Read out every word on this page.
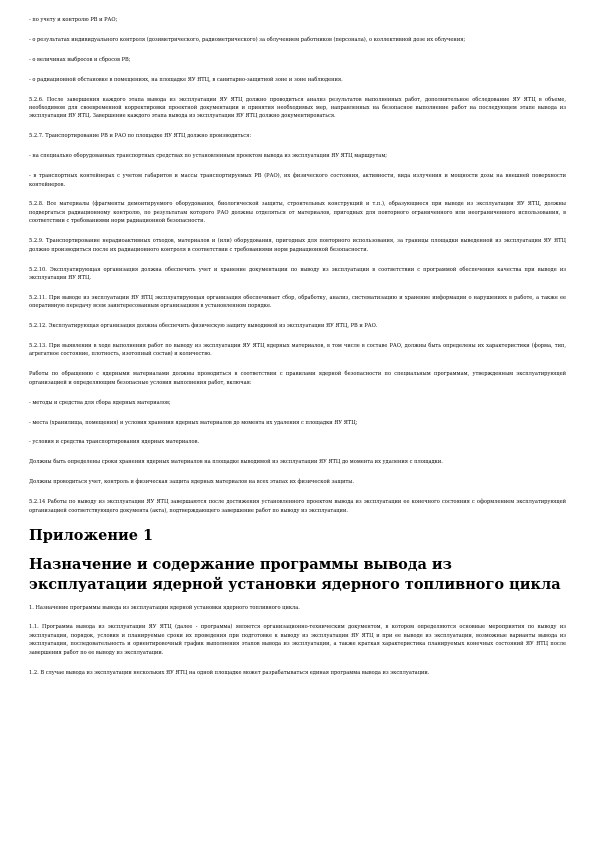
- по учету и контролю РВ и РАО;

- о результатах индивидуального контроля (дозиметрического, радиометрического) за облучением работников (персонала), о коллективной дозе их облучения;

- о величинах выбросов и сбросов РВ;

- о радиационной обстановке в помещениях, на площадке ЯУ ЯТЦ, в санитарно-защитной зоне и зоне наблюдения.

5.2.6. После завершения каждого этапа вывода из эксплуатации ЯУ ЯТЦ должно проводиться анализ результатов выполненных работ, дополнительное обследование ЯУ ЯТЦ в объеме, необходимом для своевременной корректировки проектной документации и принятия необходимых мер, направленных на безопасное выполнение работ на последующем этапе вывода из эксплуатации ЯУ ЯТЦ. Завершение каждого этапа вывода из эксплуатации ЯУ ЯТЦ должно документироваться.

5.2.7. Транспортирование РВ и РАО по площадке ЯУ ЯТЦ должно производиться:

- на специально оборудованных транспортных средствах по установленным проектом вывода из эксплуатации ЯУ ЯТЦ маршрутам;

- в транспортных контейнерах с учетом габаритов и массы транспортируемых РВ (РАО), их физического состояния, активности, вида излучения и мощности дозы на внешней поверхности контейнеров.

5.2.8. Все материалы (фрагменты демонтируемого оборудования, биологической защиты, строительных конструкций и т.п.), образующиеся при выводе из эксплуатации ЯУ ЯТЦ, должны подвергаться радиационному контролю, по результатам которого РАО должны отделяться от материалов, пригодных для повторного ограниченного или неограниченного использования, в соответствии с требованиями норм радиационной безопасности.

5.2.9. Транспортирование нерадиоактивных отходов, материалов и (или) оборудования, пригодных для повторного использования, за границы площадки выведенной из эксплуатации ЯУ ЯТЦ должно производиться после их радиационного контроля в соответствии с требованиями норм радиационной безопасности.

5.2.10. Эксплуатирующая организация должна обеспечить учет и хранение документации по выводу из эксплуатации в соответствии с программой обеспечения качества при выводе из эксплуатации ЯУ ЯТЦ.

5.2.11. При выводе из эксплуатации ЯУ ЯТЦ эксплуатирующая организация обеспечивает сбор, обработку, анализ, систематизацию и хранение информации о нарушениях в работе, а также ее оперативную передачу всем заинтересованным организациям в установленном порядке.

5.2.12. Эксплуатирующая организация должна обеспечить физическую защиту выводимой из эксплуатации ЯУ ЯТЦ, РВ и РАО.

5.2.13. При выявлении в ходе выполнения работ по выводу из эксплуатации ЯУ ЯТЦ ядерных материалов, в том числе в составе РАО, должны быть определены их характеристики (форма, тип, агрегатное состояние, плотность, изотопный состав) и количество.

Работы по обращению с ядерными материалами должны проводиться в соответствии с правилами ядерной безопасности по специальным программам, утвержденным эксплуатирующей организацией и определяющим безопасные условия выполнения работ, включая:

- методы и средства для сбора ядерных материалов;

- места (хранилища, помещения) и условия хранения ядерных материалов до момента их удаления с площадки ЯУ ЯТЦ;

- условия и средства транспортирования ядерных материалов.

Должны быть определены сроки хранения ядерных материалов на площадке выводимой из эксплуатации ЯУ ЯТЦ до момента их удаления с площадки.

Должны проводиться учет, контроль и физическая защита ядерных материалов на всех этапах их физической защиты.

5.2.14 Работы по выводу из эксплуатации ЯУ ЯТЦ завершаются после достижения установленного проектом вывода из эксплуатации ее конечного состояния с оформлением эксплуатирующей организацией соответствующего документа (акта), подтверждающего завершение работ по выводу из эксплуатации.

Приложение 1
Назначение и содержание программы вывода из эксплуатации ядерной установки ядерного топливного цикла

1. Назначение программы вывода из эксплуатации ядерной установки ядерного топливного цикла.

1.1. Программа вывода из эксплуатации ЯУ ЯТЦ (далее - программа) является организационно-техническим документом, в котором определяются основные мероприятия по выводу из эксплуатации, порядок, условия и планируемые сроки их проведения при подготовке к выводу из эксплуатации ЯУ ЯТЦ и при ее выводе из эксплуатации, возможные варианты вывода из эксплуатации, последовательность и ориентировочный график выполнения этапов вывода из эксплуатации, а также краткая характеристика планируемых конечных состояний ЯУ ЯТЦ после завершения работ по ее выводу из эксплуатации.

1.2. В случае вывода из эксплуатации нескольких ЯУ ЯТЦ на одной площадке может разрабатываться единая программа вывода из эксплуатации.
